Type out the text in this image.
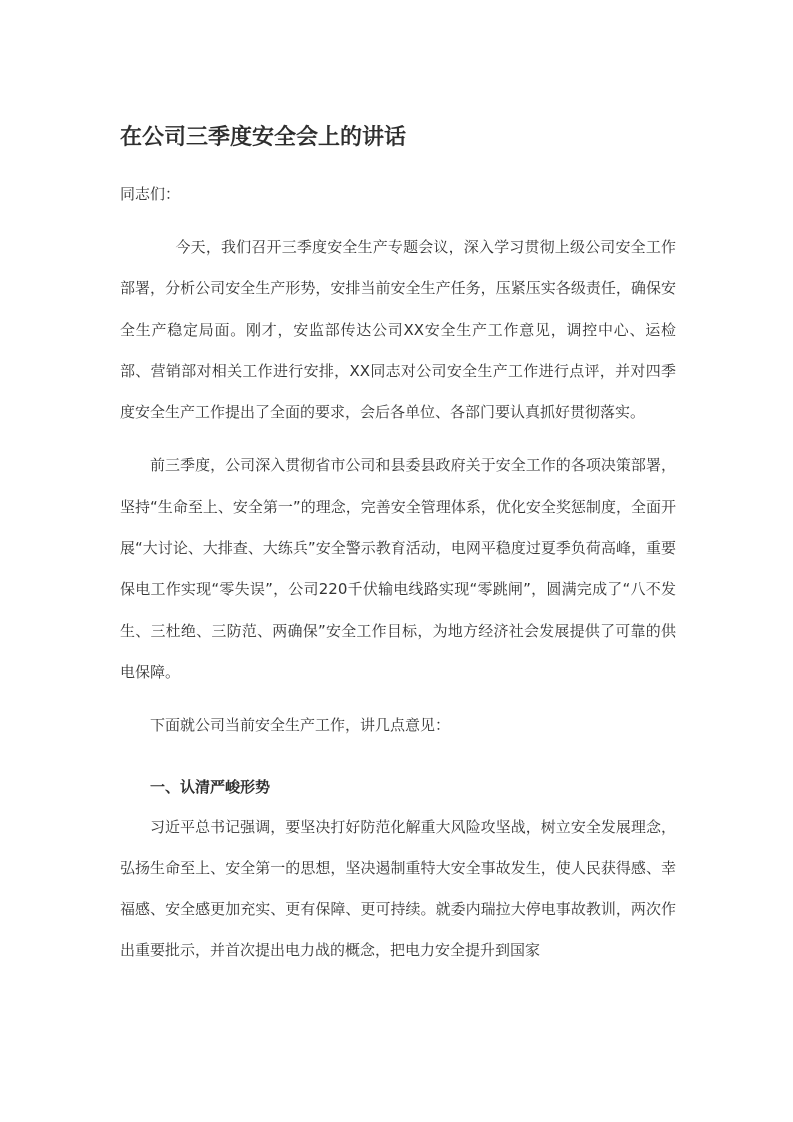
在公司三季度安全会上的讲话

同志们：

今天，我们召开三季度安全生产专题会议，深入学习贯彻上级公司安全工作部署，分析公司安全生产形势，安排当前安全生产任务，压紧压实各级责任，确保安全生产稳定局面。刚才，安监部传达公司XX安全生产工作意见，调控中心、运检部、营销部对相关工作进行安排，XX同志对公司安全生产工作进行点评，并对四季度安全生产工作提出了全面的要求，会后各单位、各部门要认真抓好贯彻落实。

前三季度，公司深入贯彻省市公司和县委县政府关于安全工作的各项决策部署，坚持“生命至上、安全第一”的理念，完善安全管理体系，优化安全奖惩制度，全面开展“大讨论、大排查、大练兵”安全警示教育活动，电网平稳度过夏季负荷高峰，重要保电工作实现“零失误”，公司220千伏输电线路实现“零跳闸”，圆满完成了“八不发生、三杜绝、三防范、两确保”安全工作目标，为地方经济社会发展提供了可靠的供电保障。

下面就公司当前安全生产工作，讲几点意见：

一、认清严峻形势

习近平总书记强调，要坚决打好防范化解重大风险攻坚战，树立安全发展理念，弘扬生命至上、安全第一的思想，坚决遏制重特大安全事故发生，使人民获得感、幸福感、安全感更加充实、更有保障、更可持续。就委内瑞拉大停电事故教训，两次作出重要批示，并首次提出电力战的概念，把电力安全提升到国家
